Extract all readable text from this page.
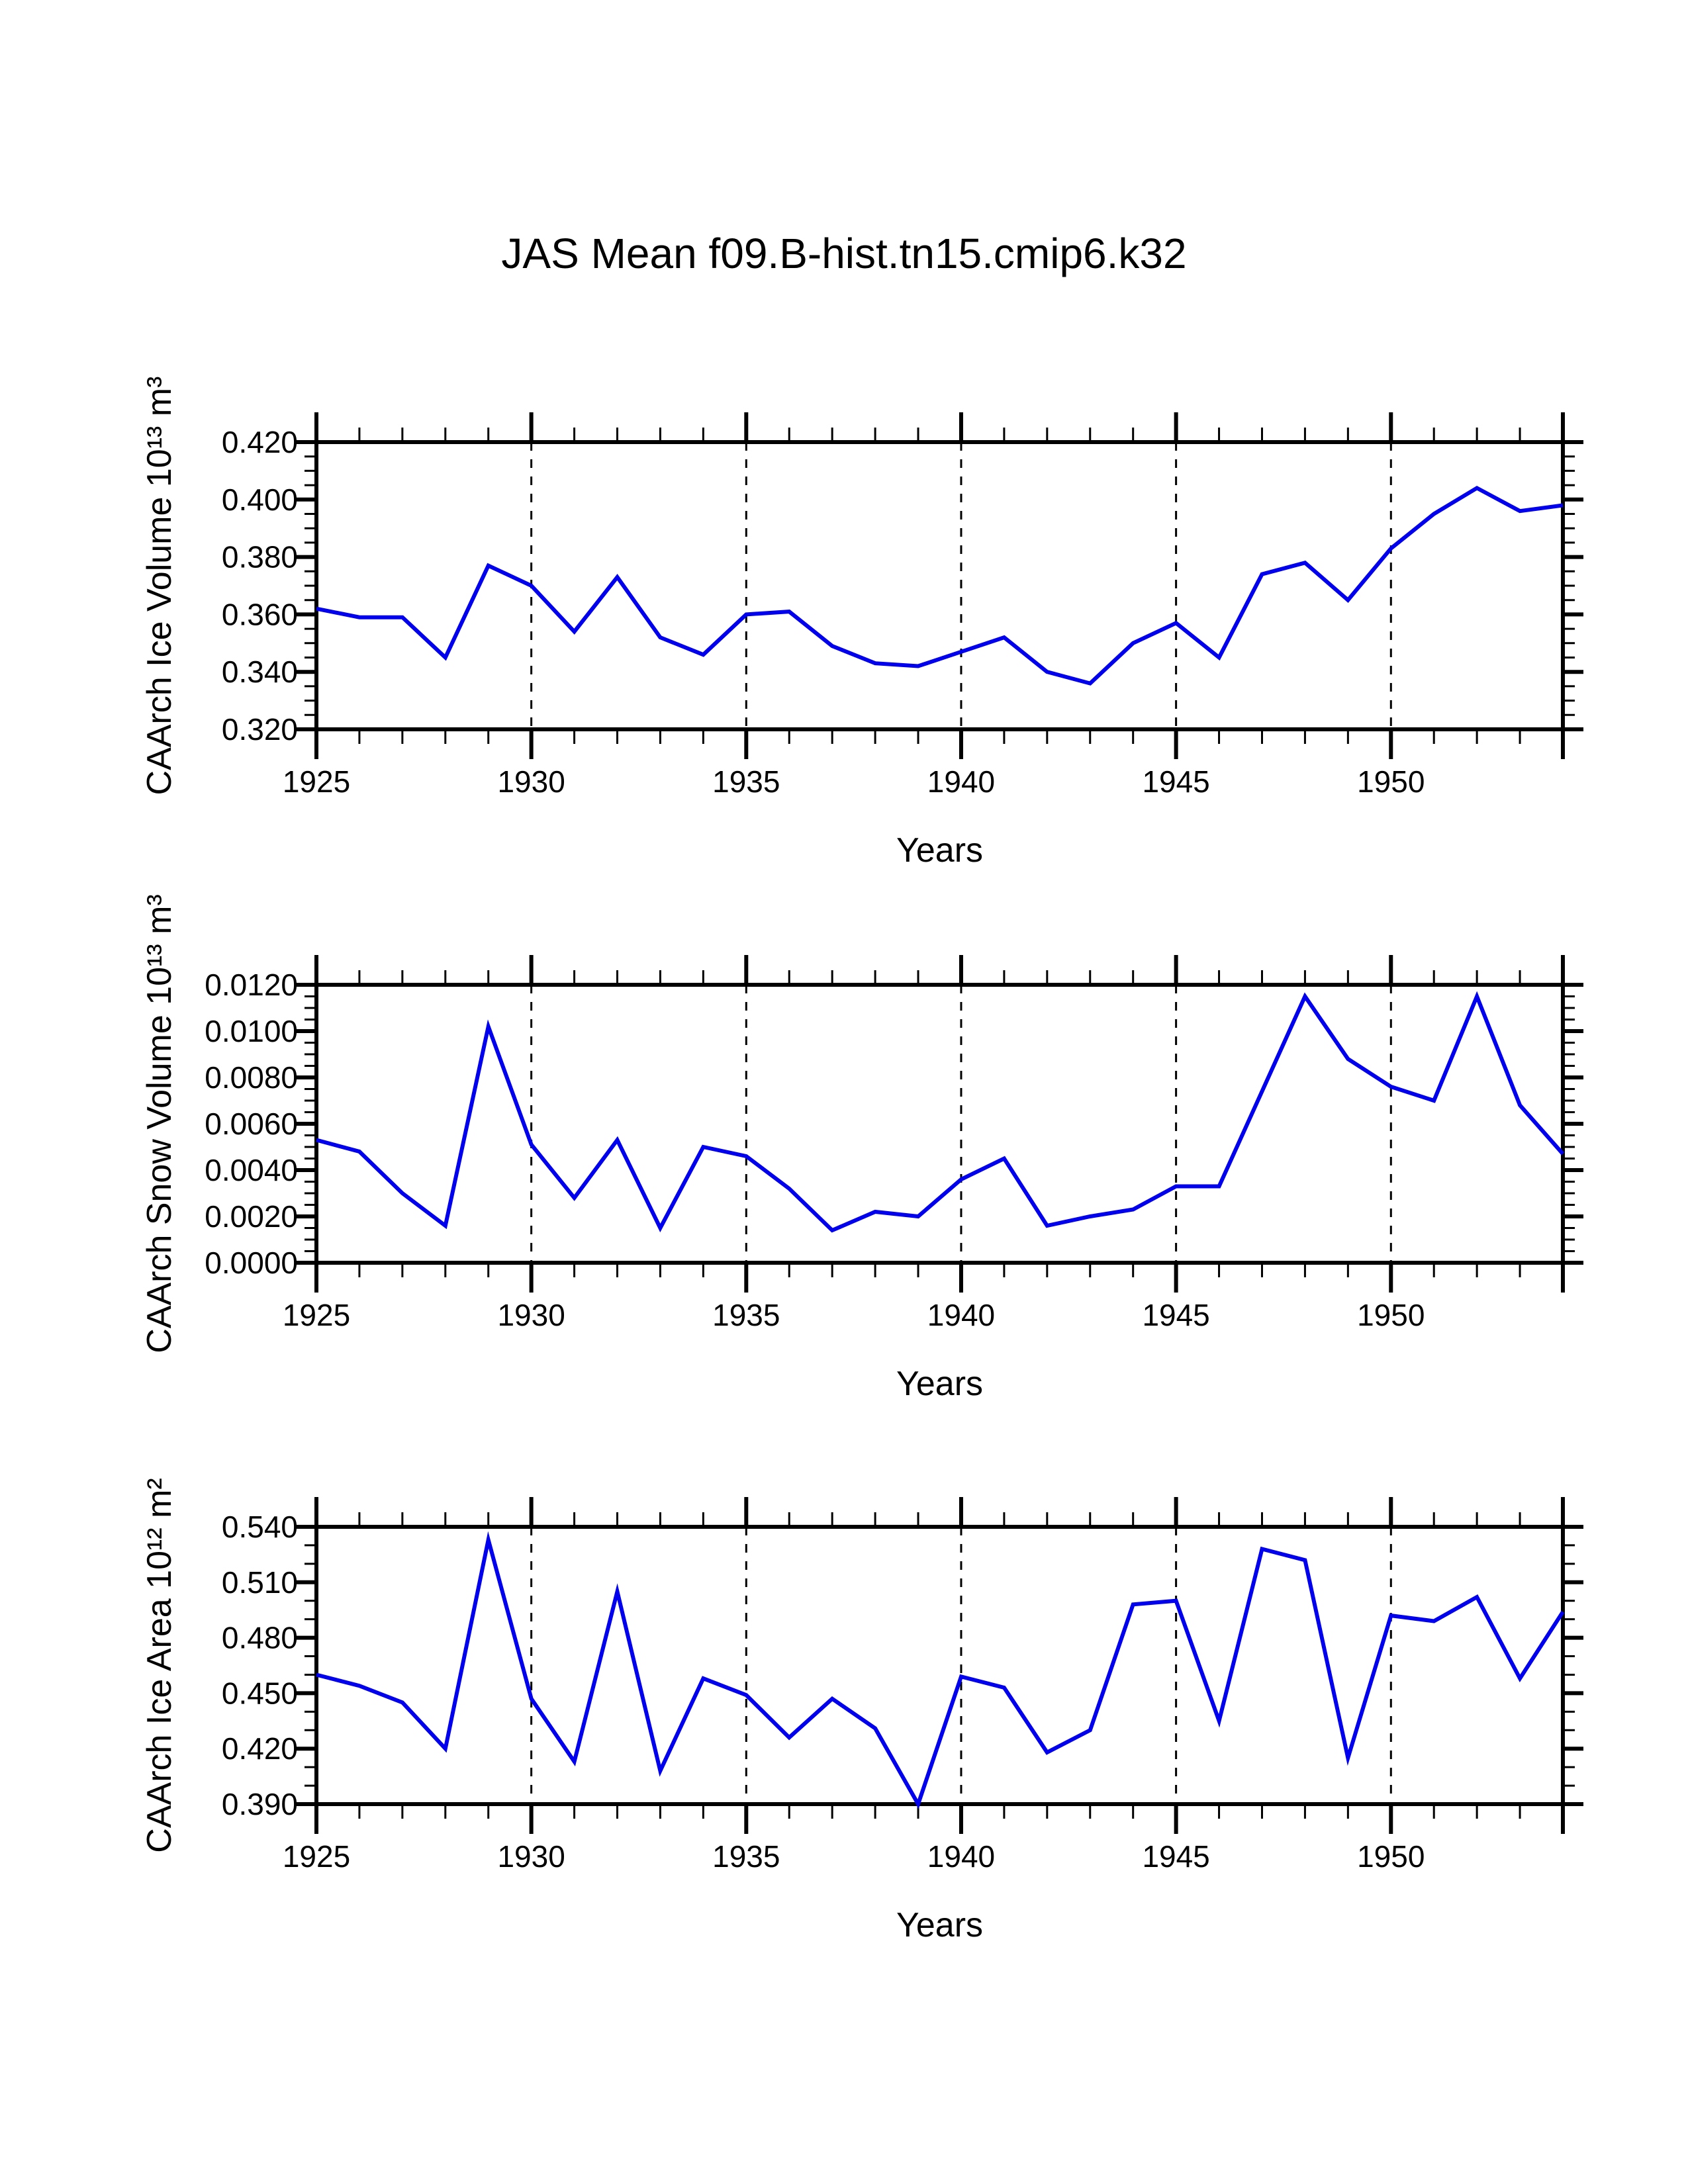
JAS Mean f09.B-hist.tn15.cmip6.k32
0.420
0.400
0.380
0.360
0.340
0.320
1925	1930	1935	1940	1945	1950
Years
CAArch Ice Volume 10¹³ m³
0.0120
0.0100
0.0080
0.0060
0.0040
0.0020
0.0000
1925	1930	1935	1940	1945	1950
Years
CAArch Snow Volume 10¹³ m³
0.540
0.510
0.480
0.450
0.420
0.390
1925	1930	1935	1940	1945	1950
Years
CAArch Ice Area 10¹² m²
